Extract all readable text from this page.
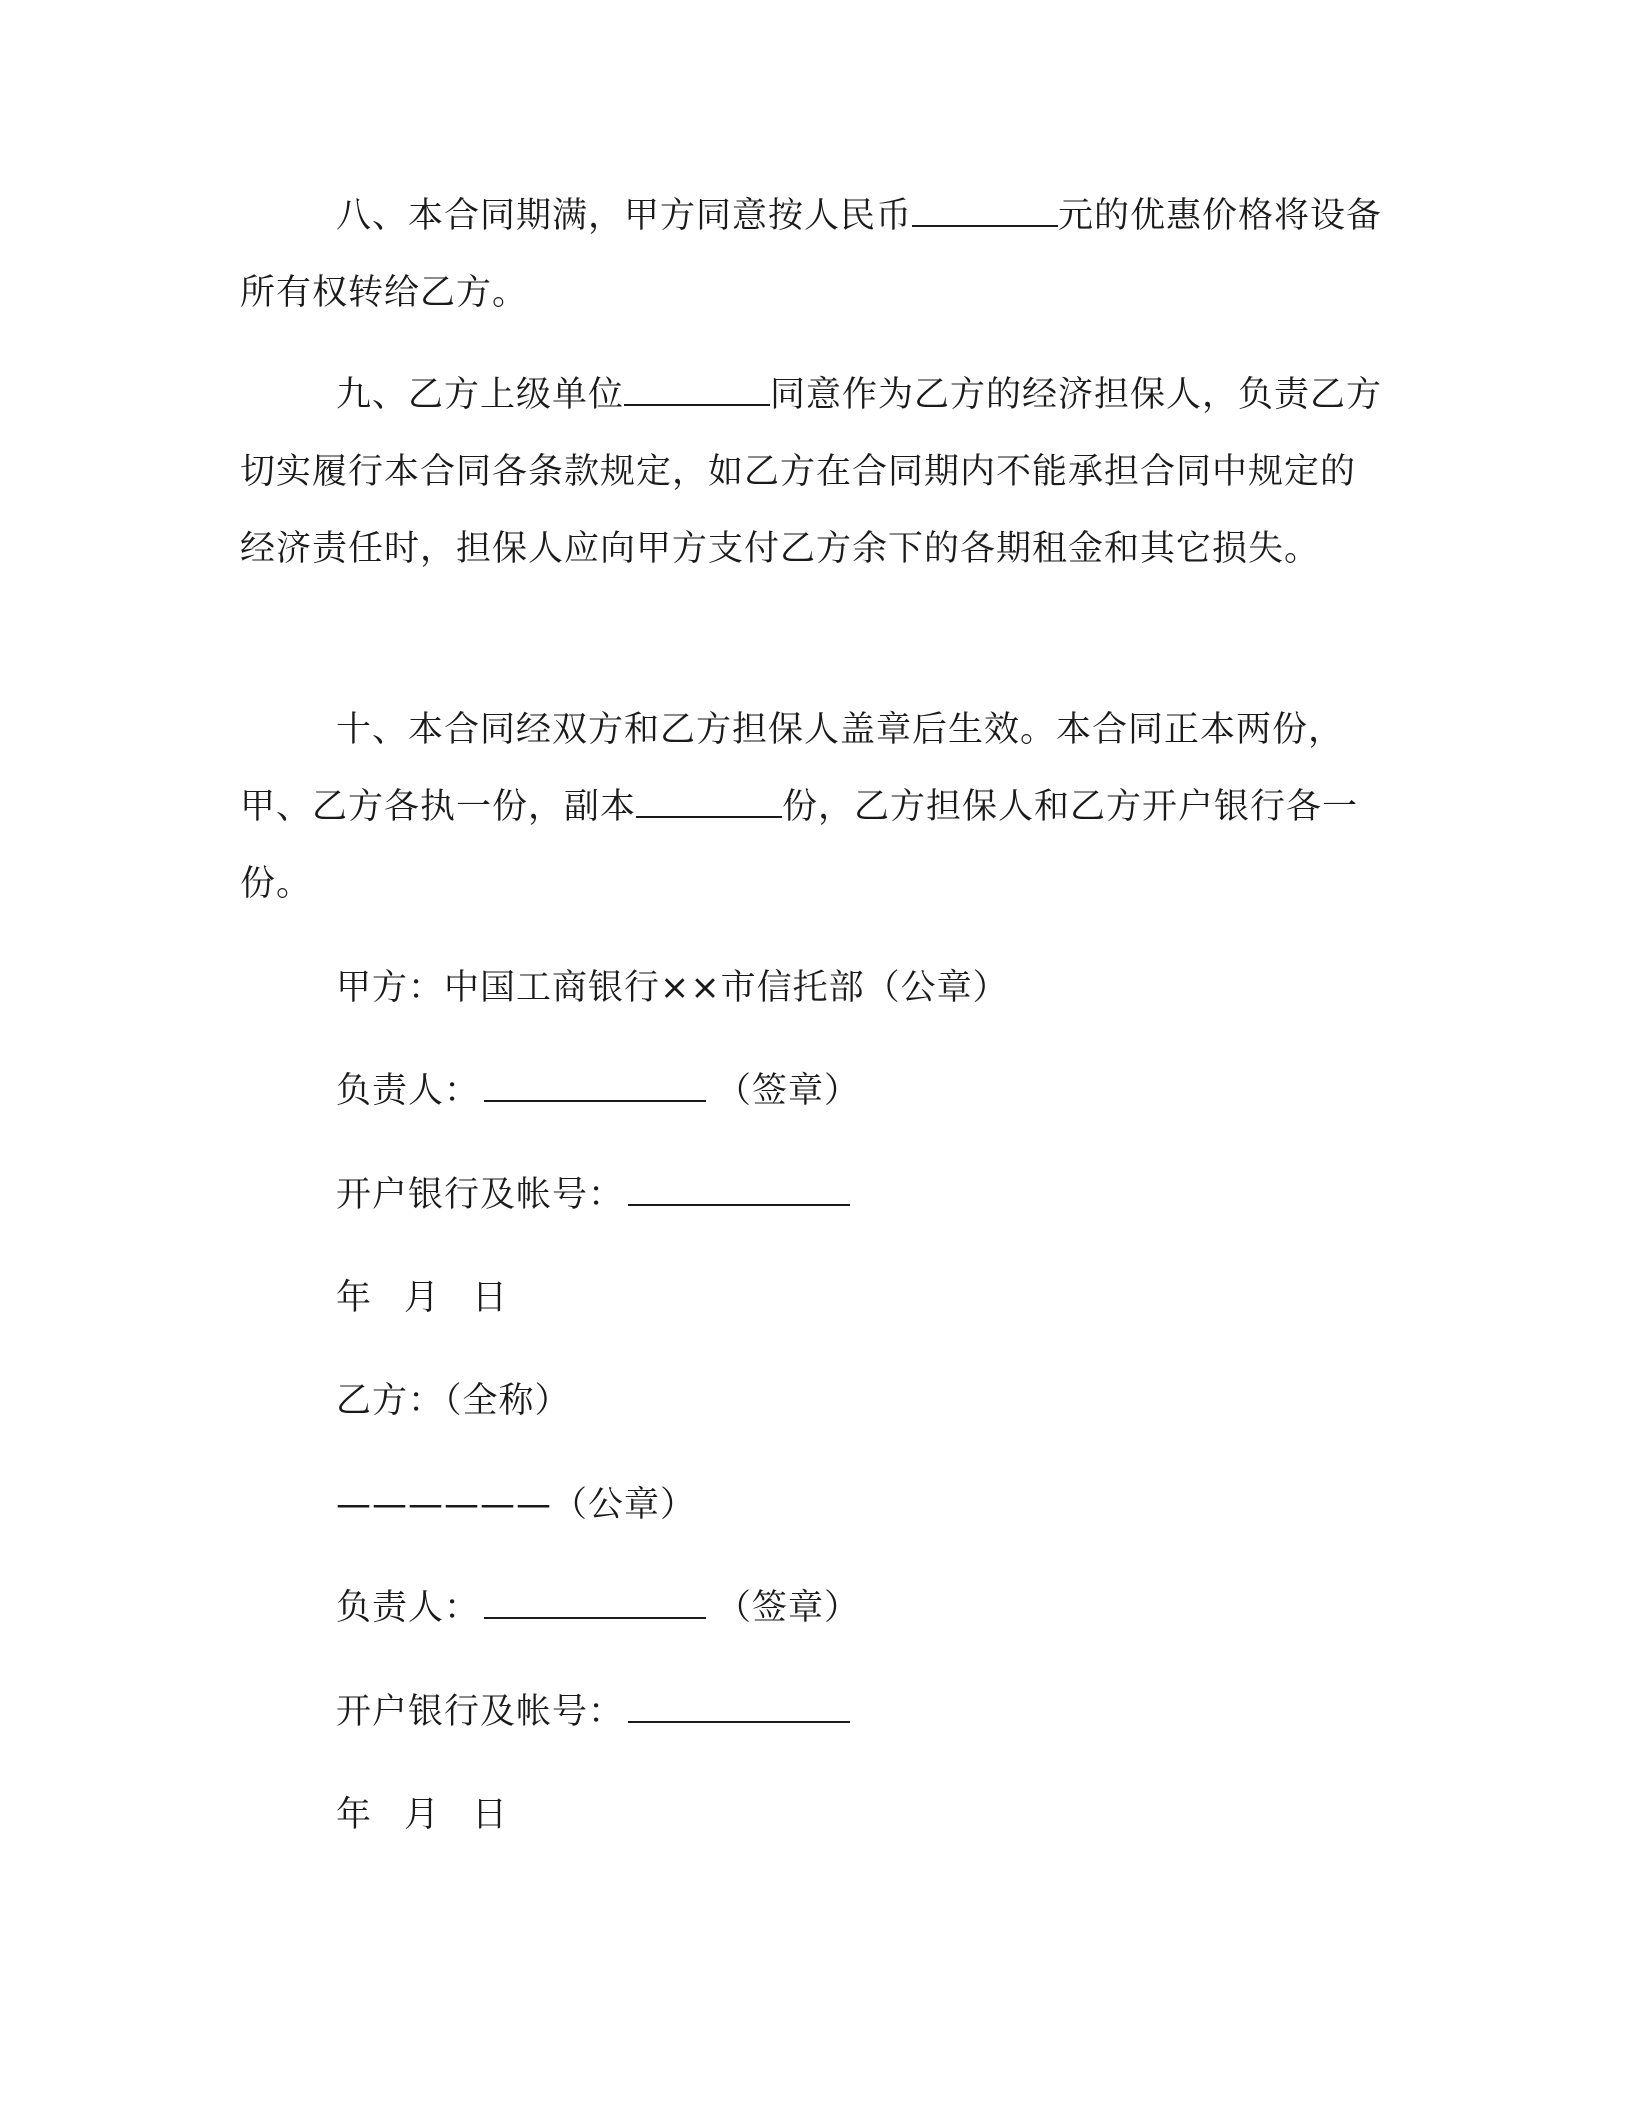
八、本合同期满，甲方同意按人民币	元的优惠价格将设备所有权转给乙方。

九、乙方上级单位	同意作为乙方的经济担保人，负责乙方切实履行本合同各条款规定，如乙方在合同期内不能承担合同中规定的经济责任时，担保人应向甲方支付乙方余下的各期租金和其它损失。

十、本合同经双方和乙方担保人盖章后生效。本合同正本两份，甲、乙方各执一份，副本	份，乙方担保人和乙方开户银行各一份。

甲方：中国工商银行××市信托部（公章）

负责人：	（签章）

开户银行及帐号：

年 月 日

乙方：（全称）

——————（公章）

负责人：	（签章）

开户银行及帐号：

年 月 日
